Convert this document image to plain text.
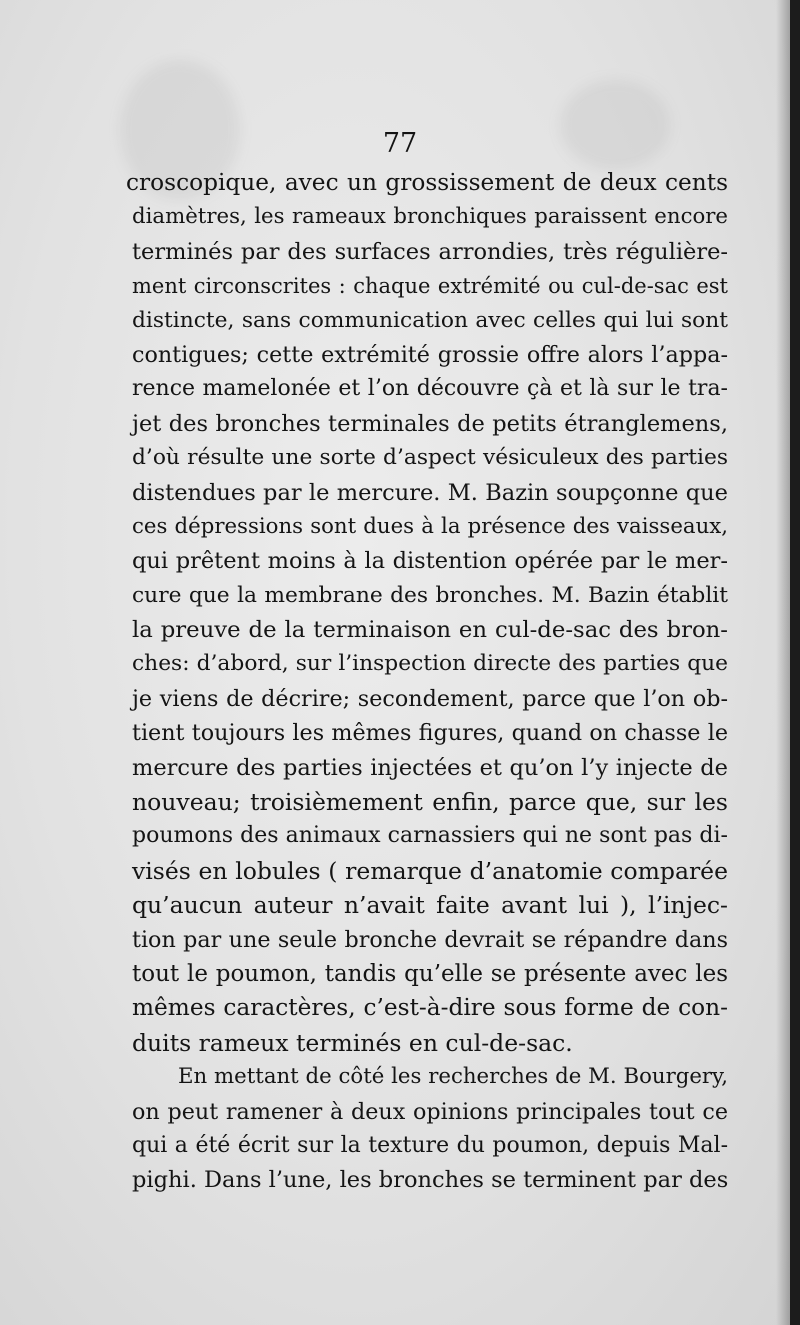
77
croscopique, avec un grossissement de deux cents
diamètres, les rameaux bronchiques paraissent encore
terminés par des surfaces arrondies, très régulière-
ment circonscrites : chaque extrémité ou cul-de-sac est
distincte, sans communication avec celles qui lui sont
contigues; cette extrémité grossie offre alors l’appa-
rence mamelonée et l’on découvre çà et là sur le tra-
jet des bronches terminales de petits étranglemens,
d’où résulte une sorte d’aspect vésiculeux des parties
distendues par le mercure. M. Bazin soupçonne que
ces dépressions sont dues à la présence des vaisseaux,
qui prêtent moins à la distention opérée par le mer-
cure que la membrane des bronches. M. Bazin établit
la preuve de la terminaison en cul-de-sac des bron-
ches: d’abord, sur l’inspection directe des parties que
je viens de décrire; secondement, parce que l’on ob-
tient toujours les mêmes figures, quand on chasse le
mercure des parties injectées et qu’on l’y injecte de
nouveau; troisièmement enfin, parce que, sur les
poumons des animaux carnassiers qui ne sont pas di-
visés en lobules ( remarque d’anatomie comparée
qu’aucun auteur n’avait faite avant lui ), l’injec-
tion par une seule bronche devrait se répandre dans
tout le poumon, tandis qu’elle se présente avec les
mêmes caractères, c’est-à-dire sous forme de con-
duits rameux terminés en cul-de-sac.
En mettant de côté les recherches de M. Bourgery,
on peut ramener à deux opinions principales tout ce
qui a été écrit sur la texture du poumon, depuis Mal-
pighi. Dans l’une, les bronches se terminent par des
